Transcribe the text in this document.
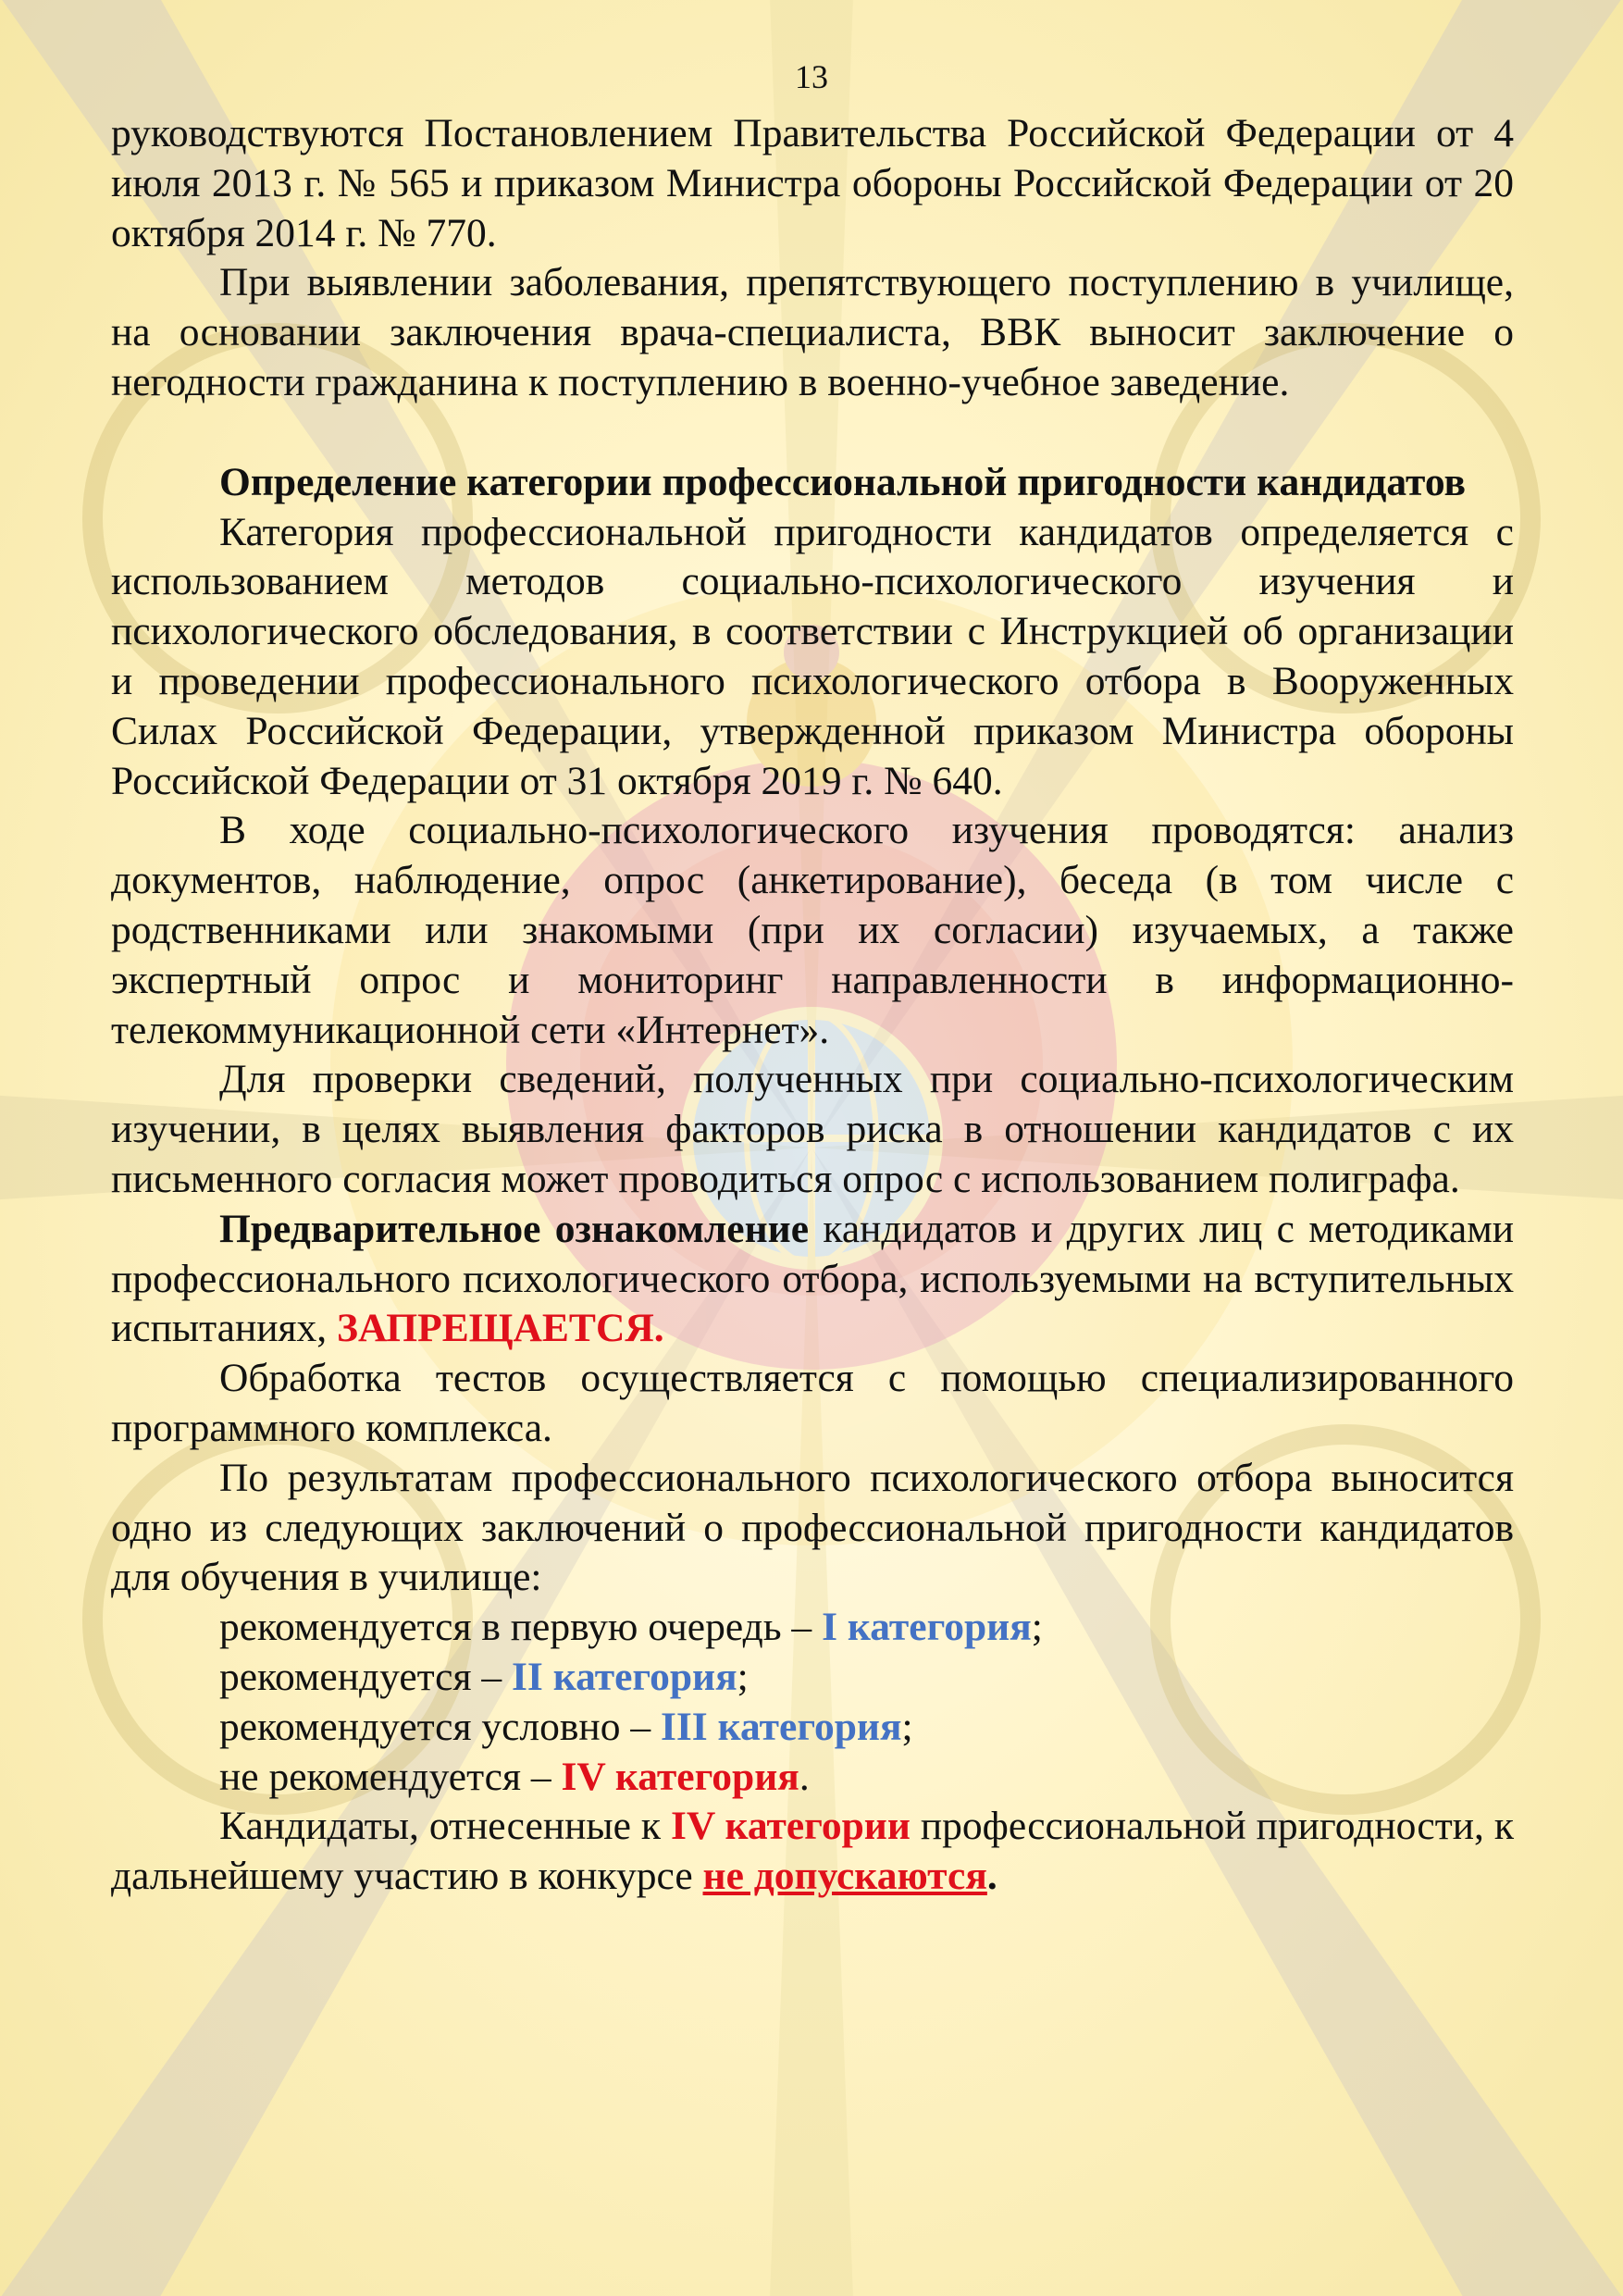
13

руководствуются Постановлением Правительства Российской Федерации от 4 июля 2013 г. № 565 и приказом Министра обороны Российской Федерации от 20 октября 2014 г. № 770.

При выявлении заболевания, препятствующего поступлению в училище, на основании заключения врача-специалиста, ВВК выносит заключение о негодности гражданина к поступлению в военно-учебное заведение.

Определение категории профессиональной пригодности кандидатов

Категория профессиональной пригодности кандидатов определяется с использованием методов социально-психологического изучения и психологического обследования, в соответствии с Инструкцией об организации и проведении профессионального психологического отбора в Вооруженных Силах Российской Федерации, утвержденной приказом Министра обороны Российской Федерации от 31 октября 2019 г. № 640.

В ходе социально-психологического изучения проводятся: анализ документов, наблюдение, опрос (анкетирование), беседа (в том числе с родственниками или знакомыми (при их согласии) изучаемых, а также экспертный опрос и мониторинг направленности в информационно-телекоммуникационной сети «Интернет».

Для проверки сведений, полученных при социально-психологическим изучении, в целях выявления факторов риска в отношении кандидатов с их письменного согласия может проводиться опрос с использованием полиграфа.

Предварительное ознакомление кандидатов и других лиц с методиками профессионального психологического отбора, используемыми на вступительных испытаниях, ЗАПРЕЩАЕТСЯ.

Обработка тестов осуществляется с помощью специализированного программного комплекса.

По результатам профессионального психологического отбора выносится одно из следующих заключений о профессиональной пригодности кандидатов для обучения в училище:

рекомендуется в первую очередь – I категория;

рекомендуется – II категория;

рекомендуется условно – III категория;

не рекомендуется – IV категория.

Кандидаты, отнесенные к IV категории профессиональной пригодности, к дальнейшему участию в конкурсе не допускаются.
